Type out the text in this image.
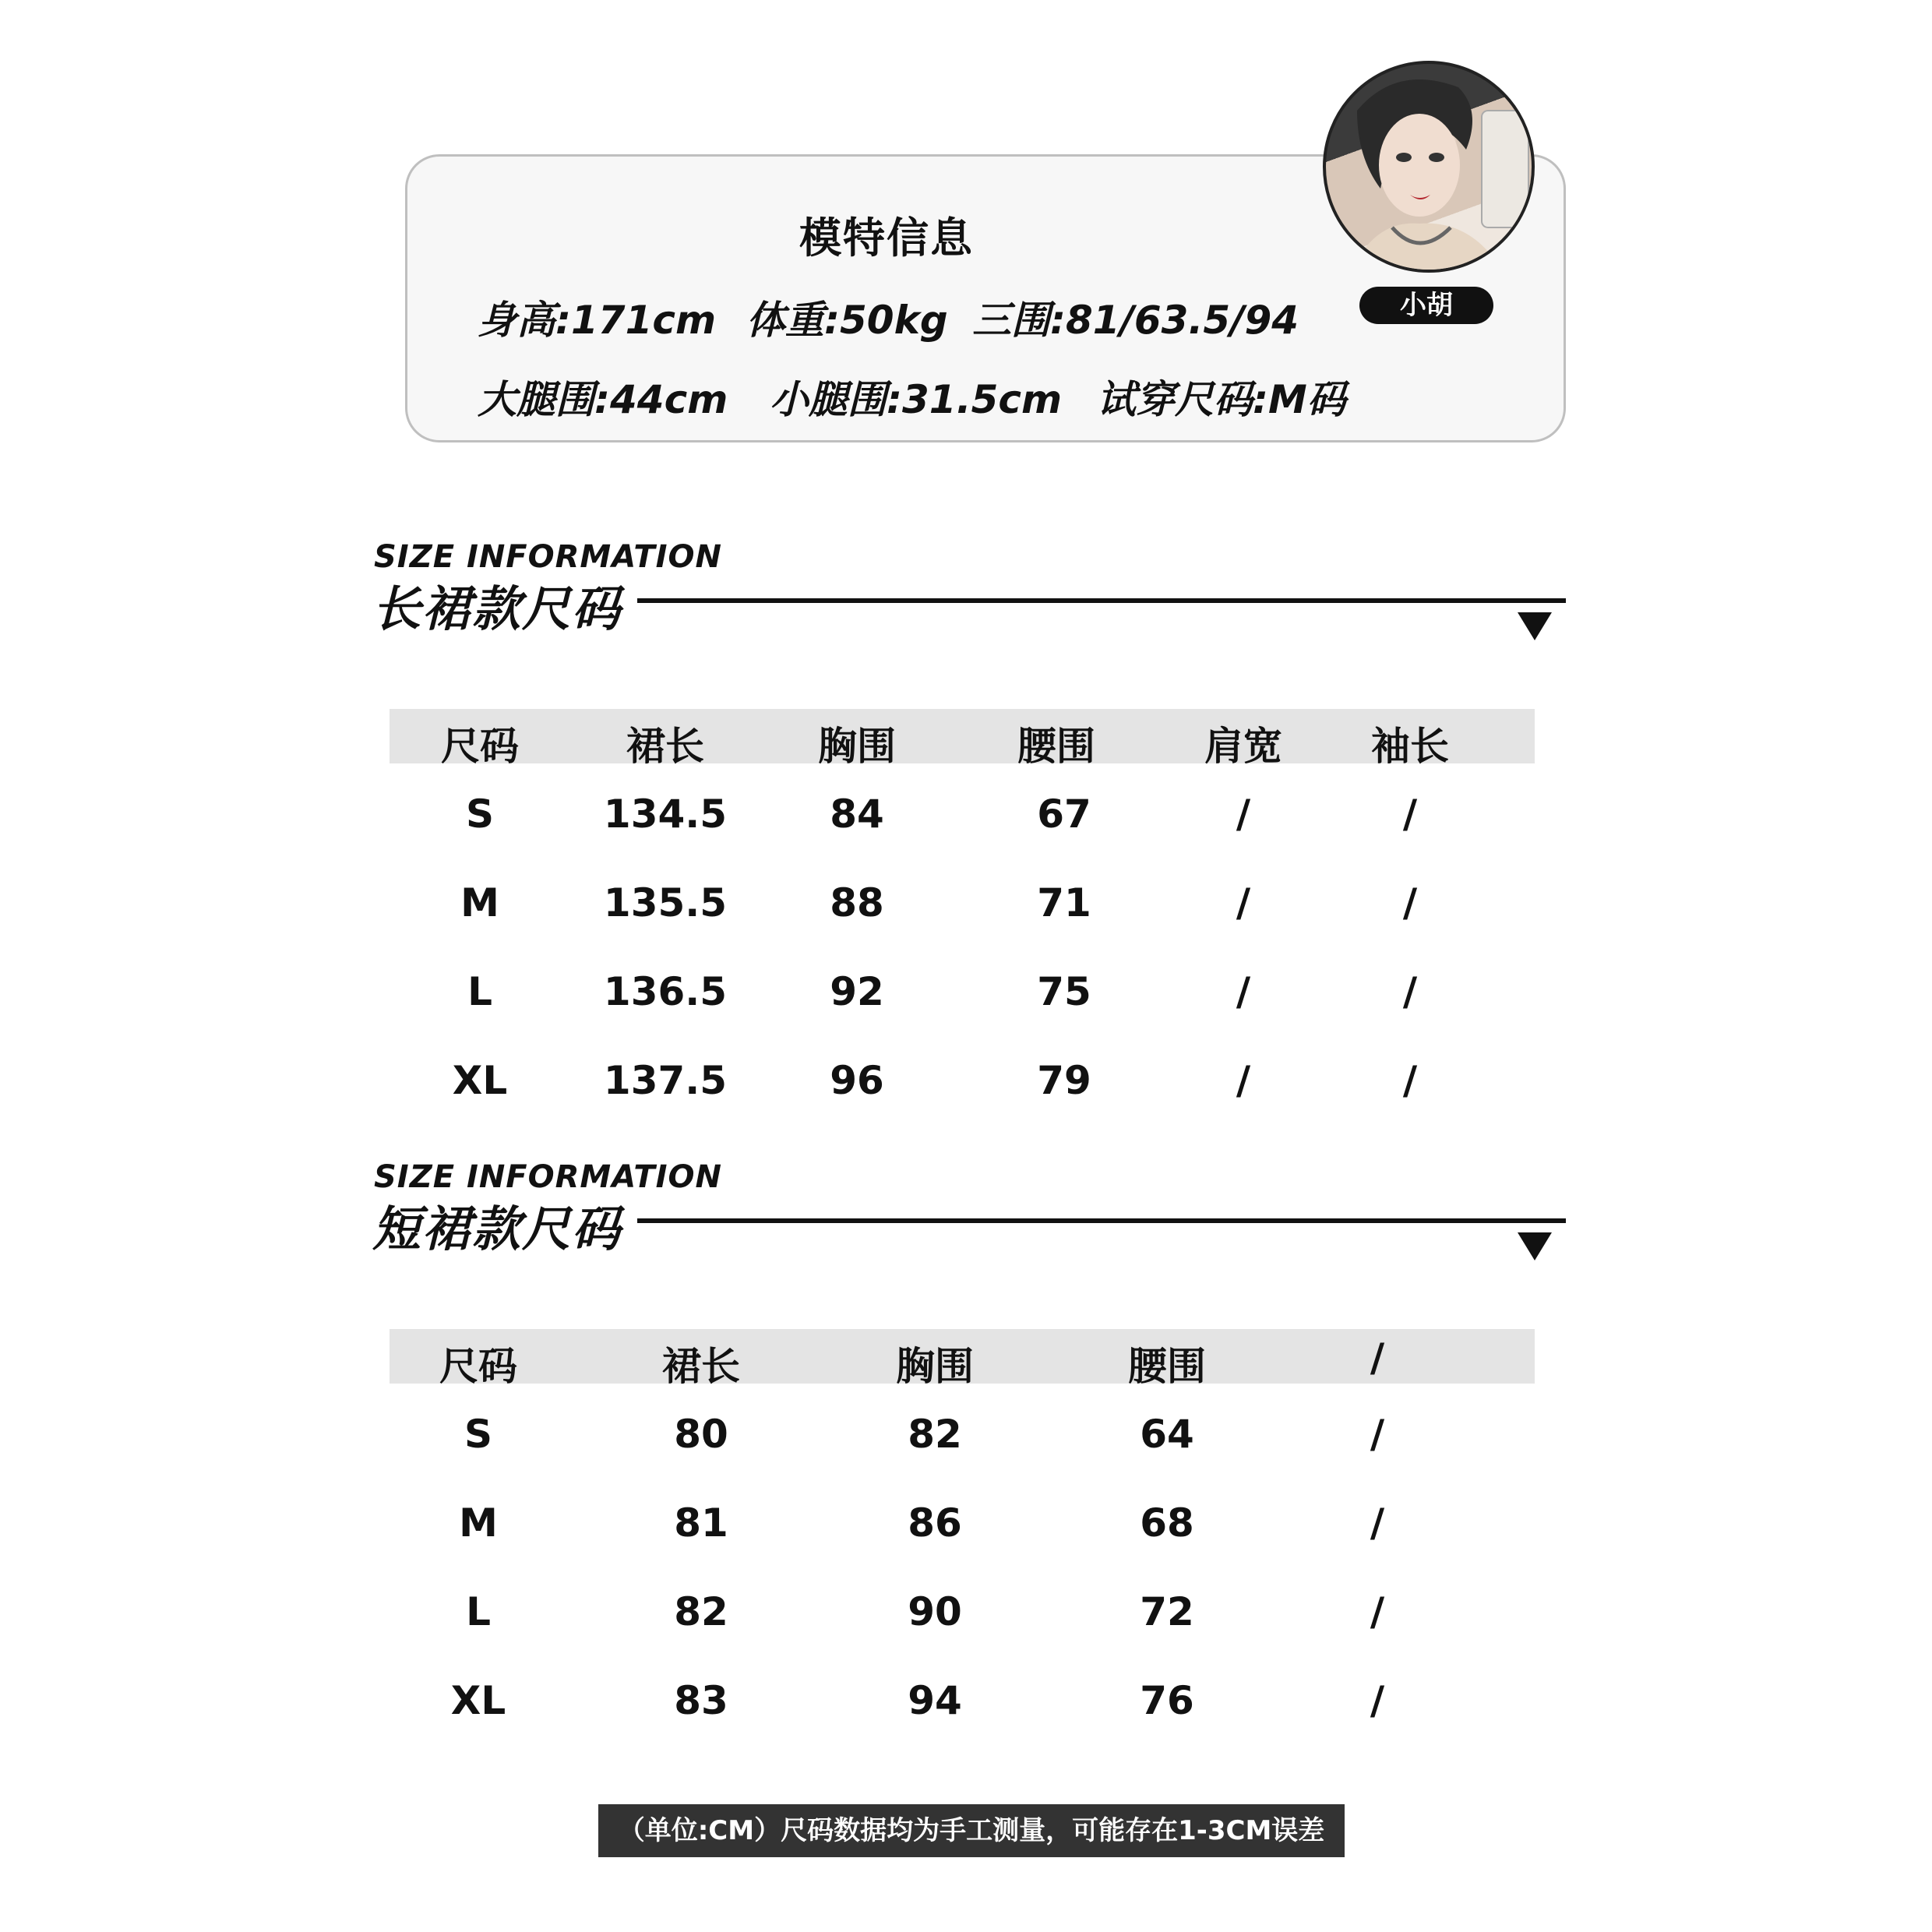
模特信息
身高:171cm 体重:50kg 三围:81/63.5/94
大腿围:44cm 小腿围:31.5cm 试穿尺码:M码
小胡
SIZE INFORMATION
长裙款尺码
尺码	裙长	胸围	腰围	肩宽 袖长
S	134.5	84	67	/	/
M	135.5	88	71	/	/
L	136.5	92	75	/	/
XL 137.5	96	79	/	/
SIZE INFORMATION
短裙款尺码
尺码	裙长	胸围	腰围	/
S	80	82	64	/
M	81	86	68	/
L	82	90	72	/
XL	83	94	76	/
（单位:CM）尺码数据均为手工测量，可能存在1-3CM误差
